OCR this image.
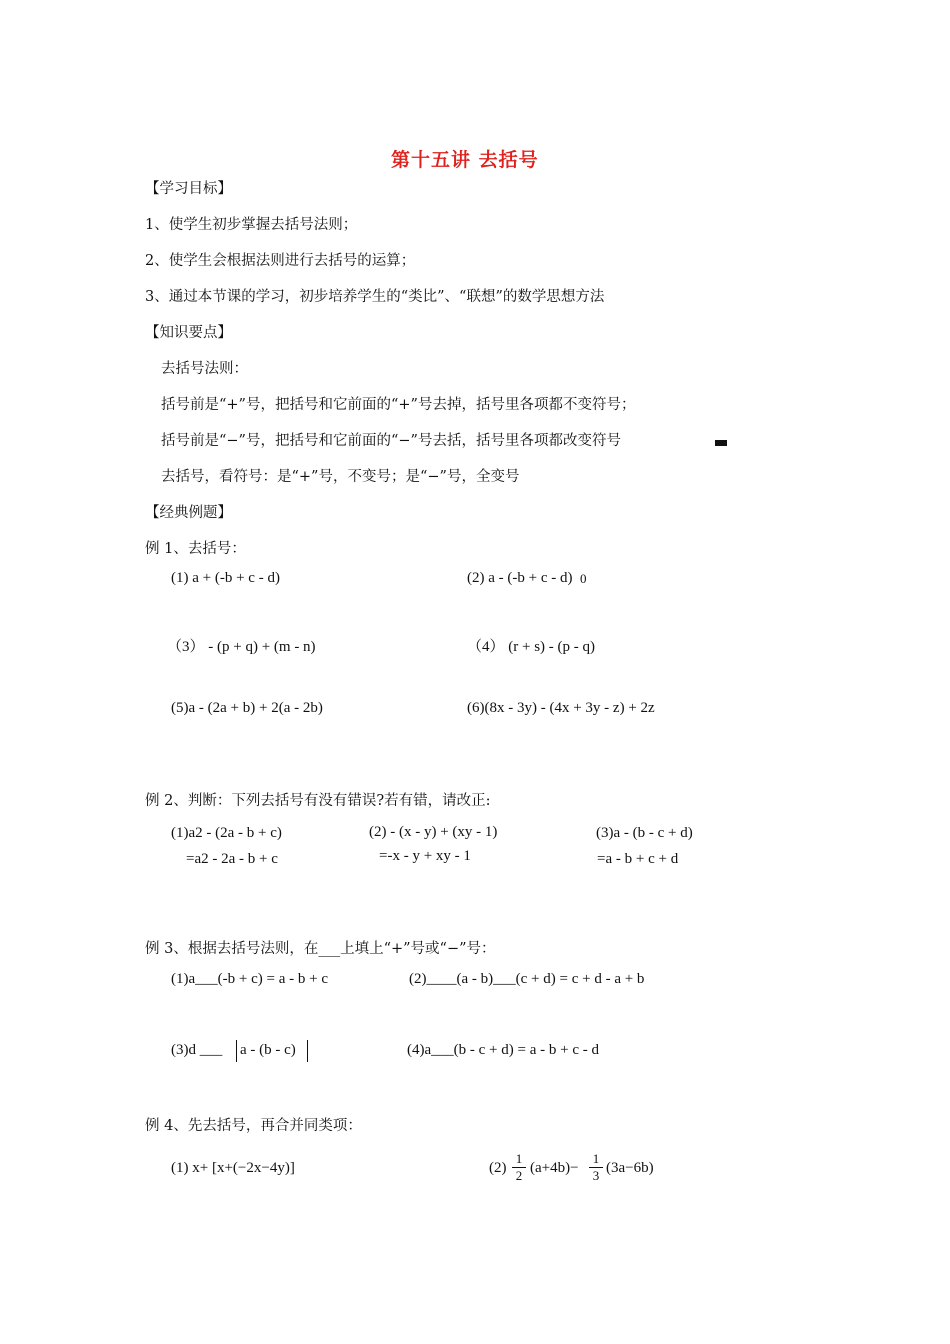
第十五讲 去括号
【学习目标】
1、使学生初步掌握去括号法则；
2、使学生会根据法则进行去括号的运算；
3、通过本节课的学习，初步培养学生的“类比”、“联想”的数学思想方法
【知识要点】
去括号法则：
括号前是“+”号，把括号和它前面的“+”号去掉，括号里各项都不变符号；
括号前是“−”号，把括号和它前面的“−”号去括，括号里各项都改变符号
去括号，看符号：是“+”号，不变号；是“−”号，全变号
【经典例题】
例 1、去括号：
(1) a + (-b + c - d)	(2) a - (-b + c - d) 0
（3） - (p + q) + (m - n)	（4） (r + s) - (p - q)
(5)a - (2a + b) + 2(a - 2b)	(6)(8x - 3y) - (4x + 3y - z) + 2z
例 2、判断：下列去括号有没有错误?若有错，请改正:
(1)a2 - (2a - b + c)
=a2 - 2a - b + c
(2) - (x - y) + (xy - 1)
=-x - y + xy - 1
(3)a - (b - c + d)
=a - b + c + d
例 3、根据去括号法则，在___上填上“+”号或“−”号：
(1)a___(-b + c) = a - b + c	(2)____(a - b)___(c + d) = c + d - a + b
(3)d ___ a - (b - c)	(4)a___(b - c + d) = a - b + c - d
例 4、先去括号，再合并同类项：
(1) x+ [x+(−2x−4y)]	(2)
1
2 (a+4b)−
1
3 (3a−6b)
